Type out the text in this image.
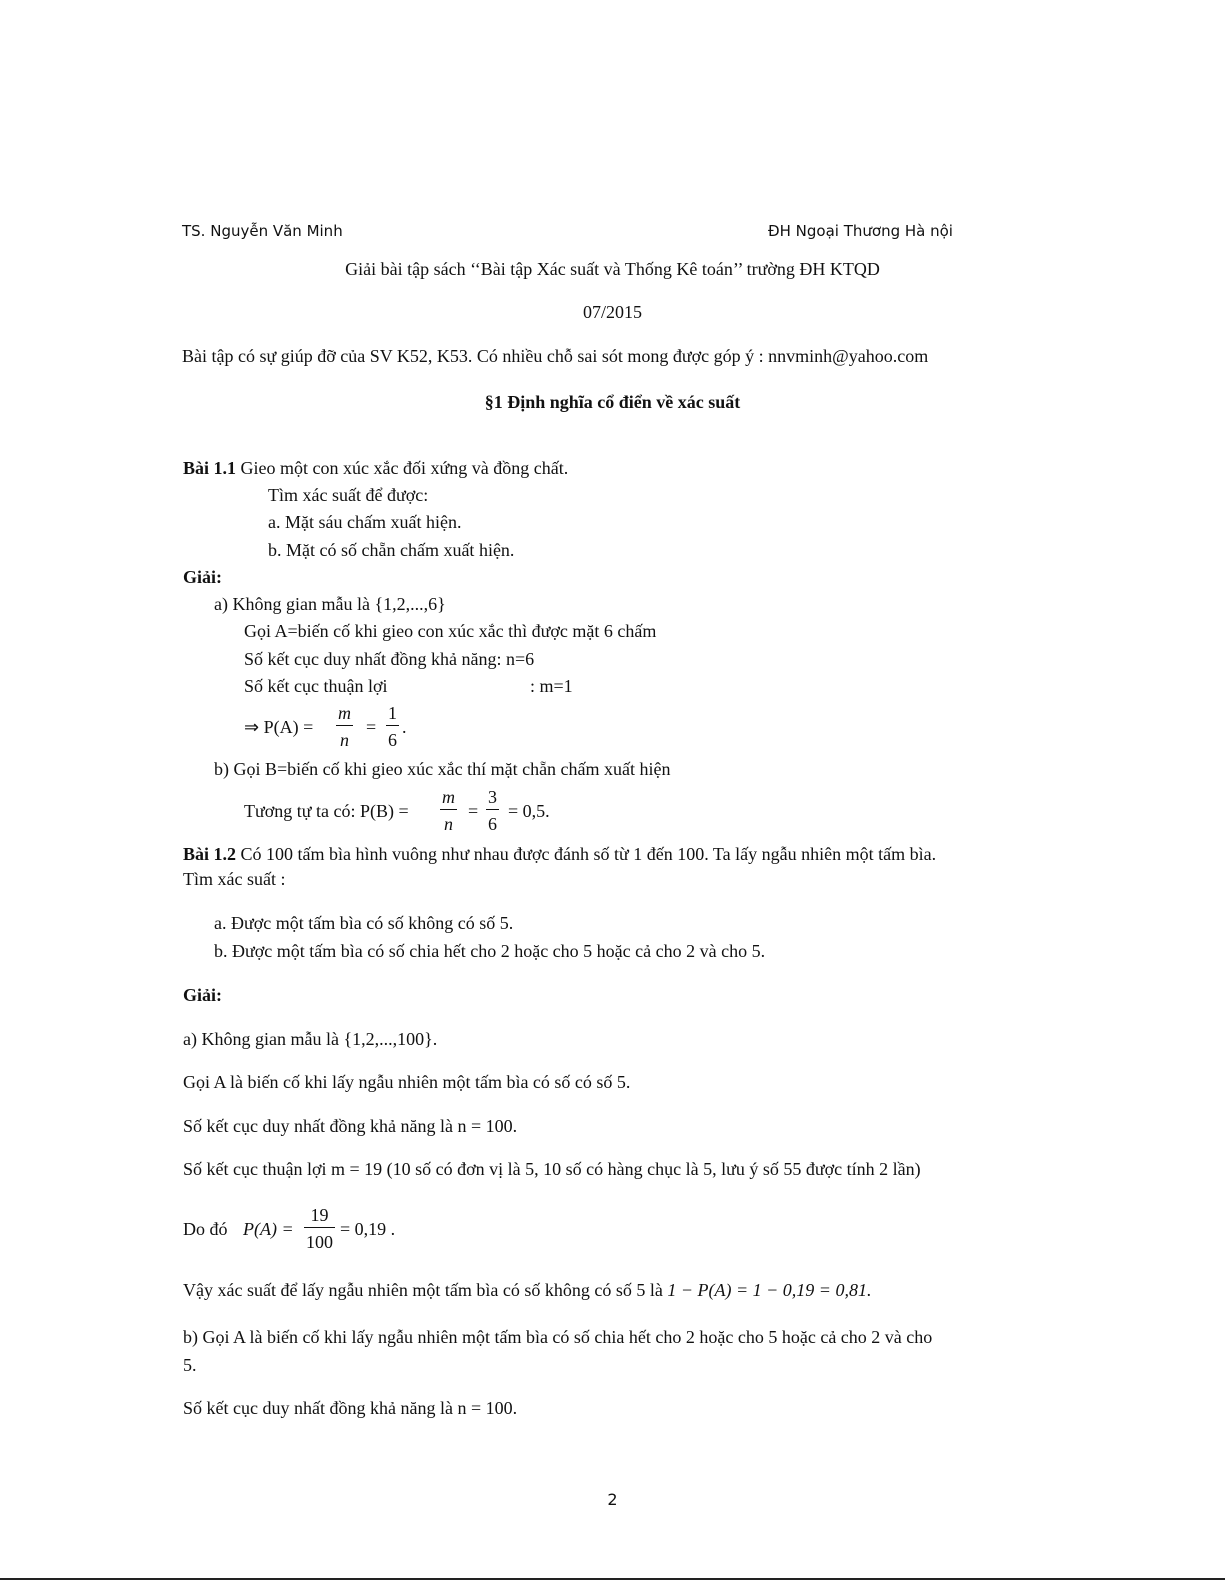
TS. Nguyễn Văn Minh	ĐH Ngoại Thương Hà nội
Giải bài tập sách ‘‘Bài tập Xác suất và Thống Kê toán’’ trường ĐH KTQD
07/2015
Bài tập có sự giúp đỡ của SV K52, K53. Có nhiều chỗ sai sót mong được góp ý : nnvminh@yahoo.com
§1 Định nghĩa cổ điển về xác suất
Bài 1.1 Gieo một con xúc xắc đối xứng và đồng chất.
Tìm xác suất để được:
a. Mặt sáu chấm xuất hiện.
b. Mặt có số chẵn chấm xuất hiện.
Giải:
a) Không gian mẫu là {1,2,...,6}
Gọi A=biến cố khi gieo con xúc xắc thì được mặt 6 chấm
Số kết cục duy nhất đồng khả năng: n=6
Số kết cục thuận lợi	: m=1
⇒ $P(A) = \frac{m}{n} = \frac{1}{6}$ .
b) Gọi B=biến cố khi gieo xúc xắc thí mặt chẵn chấm xuất hiện
Tương tự ta có: $P(B) = \frac{m}{n} = \frac{3}{6} = 0,5$.
Bài 1.2 Có 100 tấm bìa hình vuông như nhau được đánh số từ 1 đến 100. Ta lấy ngẫu nhiên một tấm bìa.
Tìm xác suất :
a. Được một tấm bìa có số không có số 5.
b. Được một tấm bìa có số chia hết cho 2 hoặc cho 5 hoặc cả cho 2 và cho 5.
Giải:
a) Không gian mẫu là {1,2,...,100}.
Gọi A là biến cố khi lấy ngẫu nhiên một tấm bìa có số có số 5.
Số kết cục duy nhất đồng khả năng là n = 100.
Số kết cục thuận lợi m = 19 (10 số có đơn vị là 5, 10 số có hàng chục là 5, lưu ý số 55 được tính 2 lần)
Do đó $P(A) = \frac{19}{100} = 0,19$ .
Vậy xác suất để lấy ngẫu nhiên một tấm bìa có số không có số 5 là 1 − P(A) = 1 − 0,19 = 0,81.
b) Gọi A là biến cố khi lấy ngẫu nhiên một tấm bìa có số chia hết cho 2 hoặc cho 5 hoặc cả cho 2 và cho
5.
Số kết cục duy nhất đồng khả năng là n = 100.
2
